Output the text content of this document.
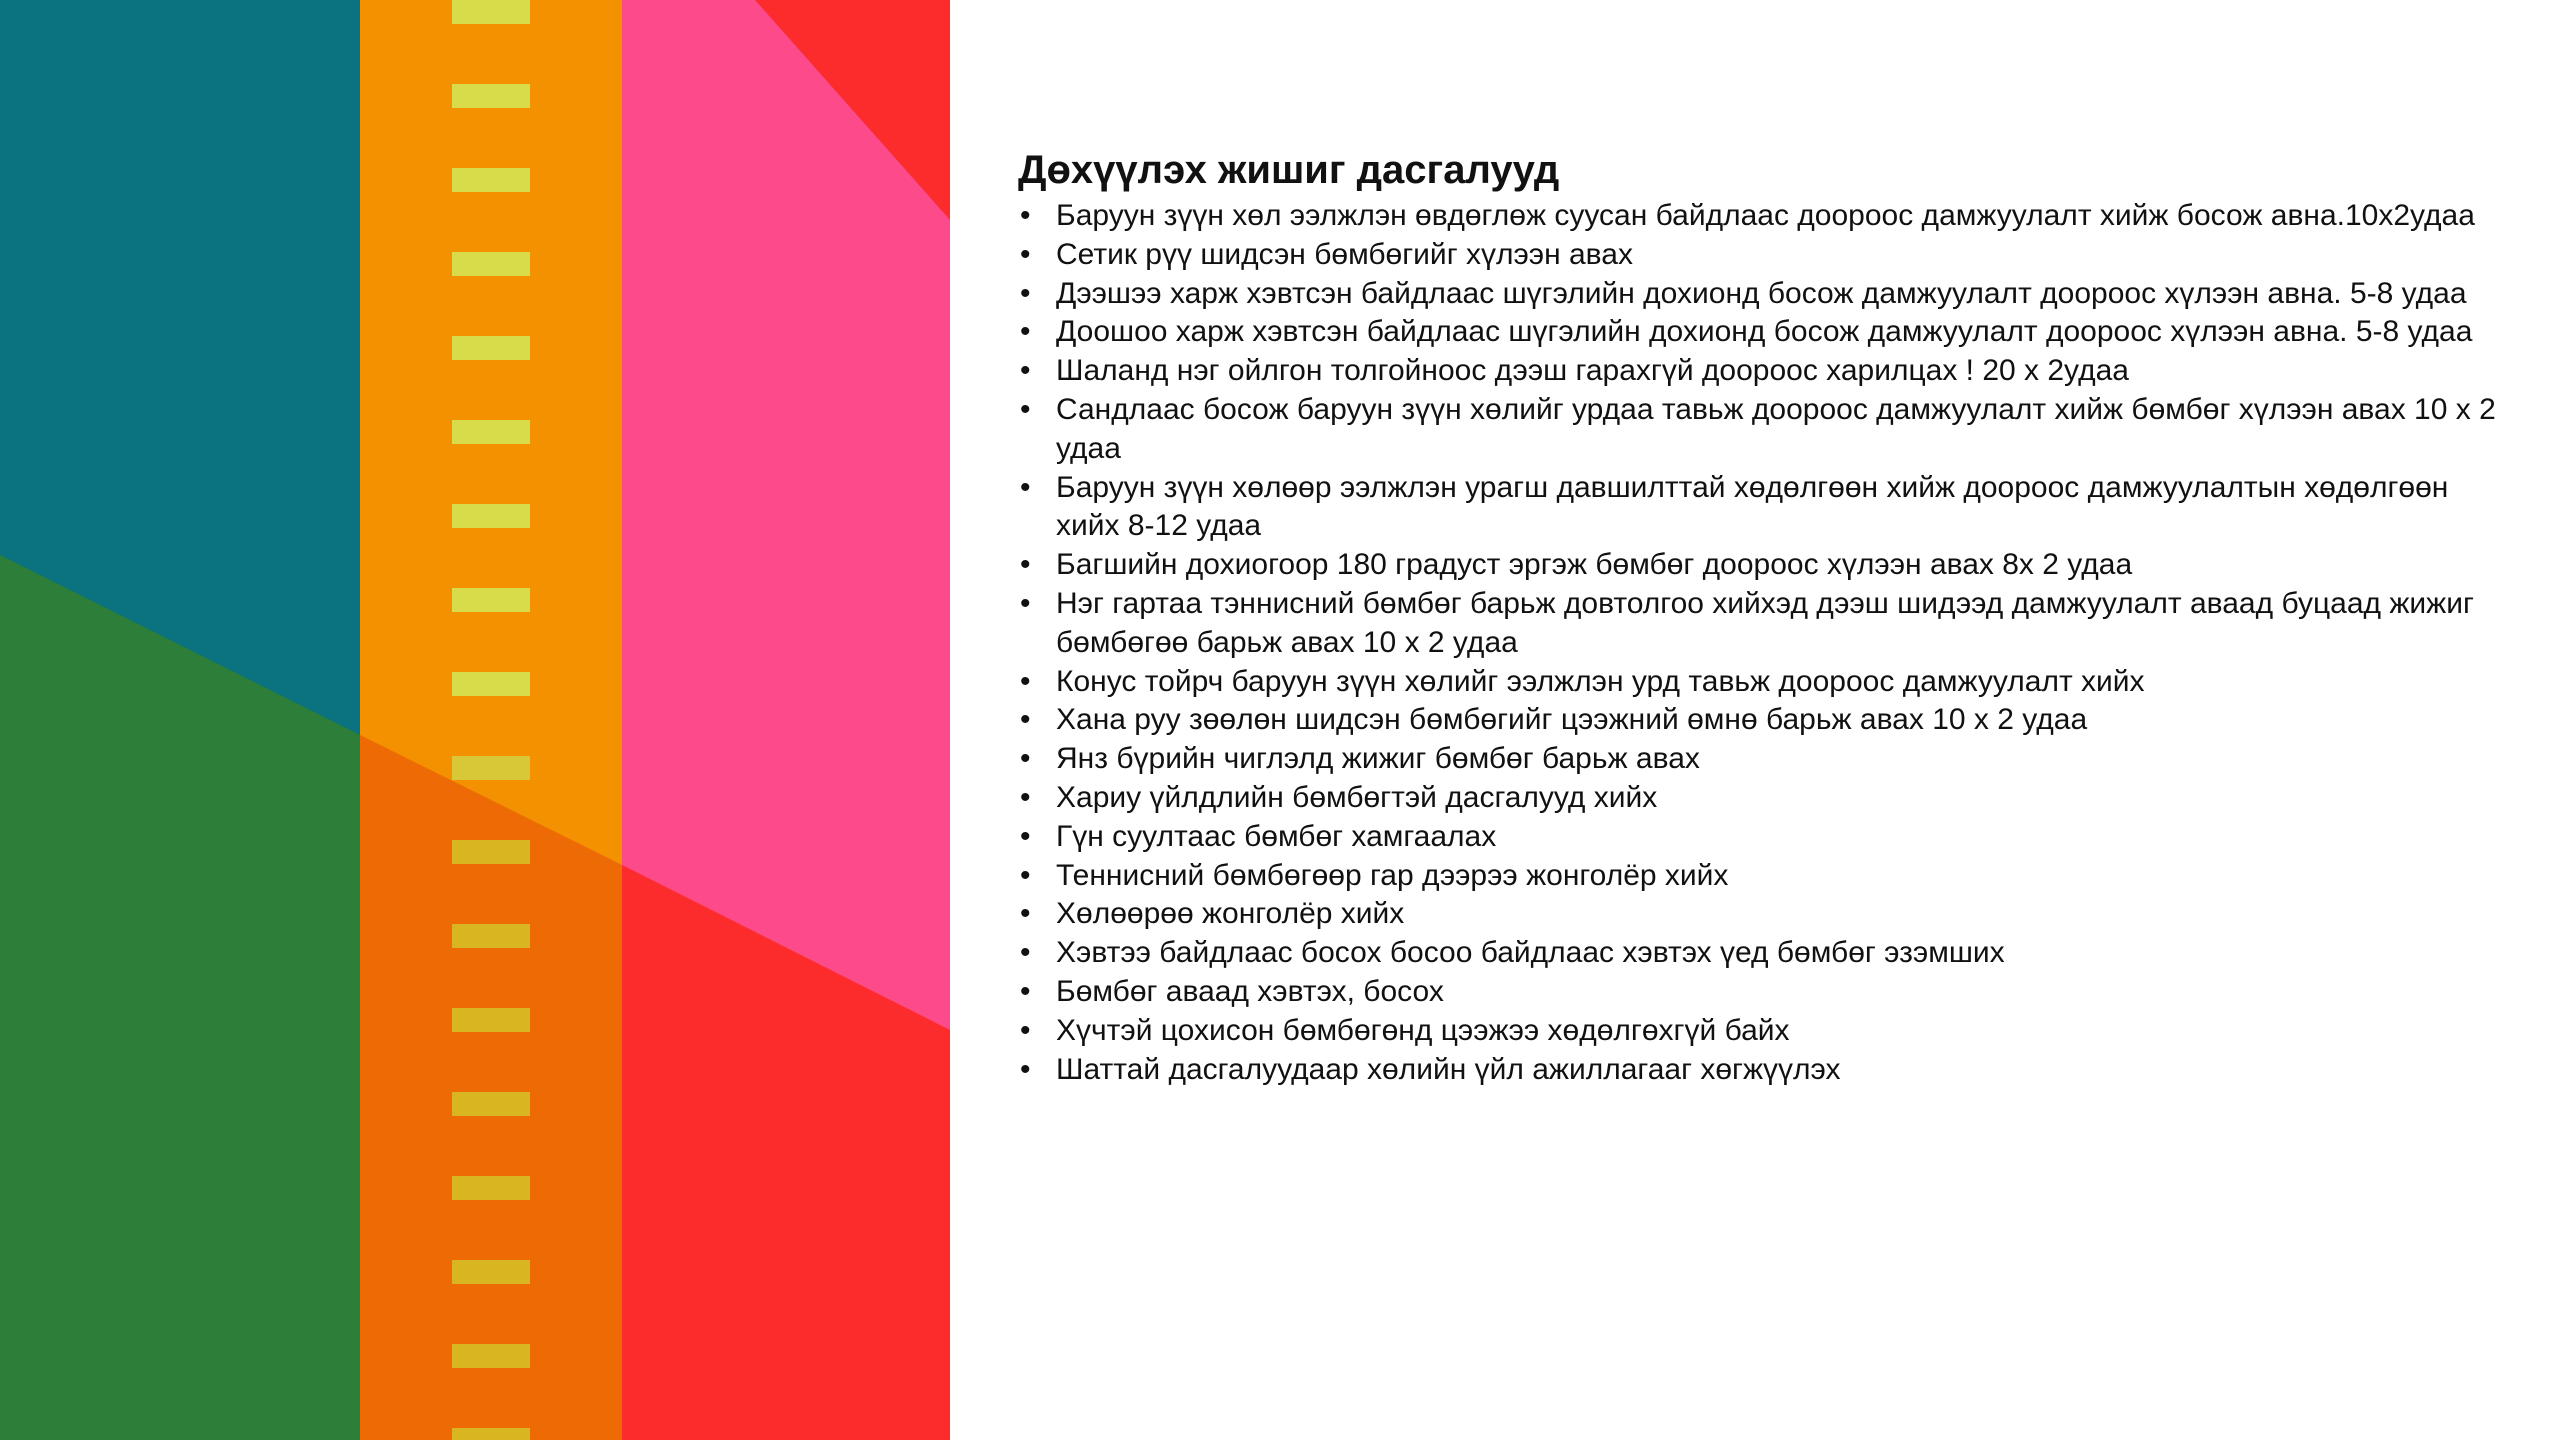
Дөхүүлэх жишиг дасгалууд
• Баруун зүүн хөл ээлжлэн өвдөглөж суусан байдлаас доороос дамжуулалт хийж босож авна.10х2удаа
• Сетик рүү шидсэн бөмбөгийг хүлээн авах
• Дээшээ харж хэвтсэн байдлаас шүгэлийн дохионд босож дамжуулалт доороос хүлээн авна. 5-8 удаа
• Доошоо харж хэвтсэн байдлаас шүгэлийн дохионд босож дамжуулалт доороос хүлээн авна. 5-8 удаа
• Шаланд нэг ойлгон толгойноос дээш гарахгүй доороос харилцах ! 20 х 2удаа
• Сандлаас босож баруун зүүн хөлийг урдаа тавьж доороос дамжуулалт хийж бөмбөг хүлээн авах 10 х 2 удаа
• Баруун зүүн хөлөөр ээлжлэн урагш давшилттай хөдөлгөөн хийж доороос дамжуулалтын хөдөлгөөн хийх 8-12 удаа
• Багшийн дохиогоор 180 градуст эргэж бөмбөг доороос хүлээн авах 8х 2 удаа
• Нэг гартаа тэннисний бөмбөг барьж довтолгоо хийхэд дээш шидээд дамжуулалт аваад буцаад жижиг бөмбөгөө барьж авах 10 х 2 удаа
• Конус тойрч баруун зүүн хөлийг ээлжлэн урд тавьж доороос дамжуулалт хийх
• Хана руу зөөлөн шидсэн бөмбөгийг цээжний өмнө барьж авах 10 х 2 удаа
• Янз бүрийн чиглэлд жижиг бөмбөг барьж авах
• Хариу үйлдлийн бөмбөгтэй дасгалууд хийх
• Гүн суултаас бөмбөг хамгаалах
• Теннисний бөмбөгөөр гар дээрээ жонголёр хийх
• Хөлөөрөө жонголёр хийх
• Хэвтээ байдлаас босох босоо байдлаас хэвтэх үед бөмбөг эзэмших
• Бөмбөг аваад хэвтэх, босох
• Хүчтэй цохисон бөмбөгөнд цээжээ хөдөлгөхгүй байх
• Шаттай дасгалуудаар хөлийн үйл ажиллагааг хөгжүүлэх
